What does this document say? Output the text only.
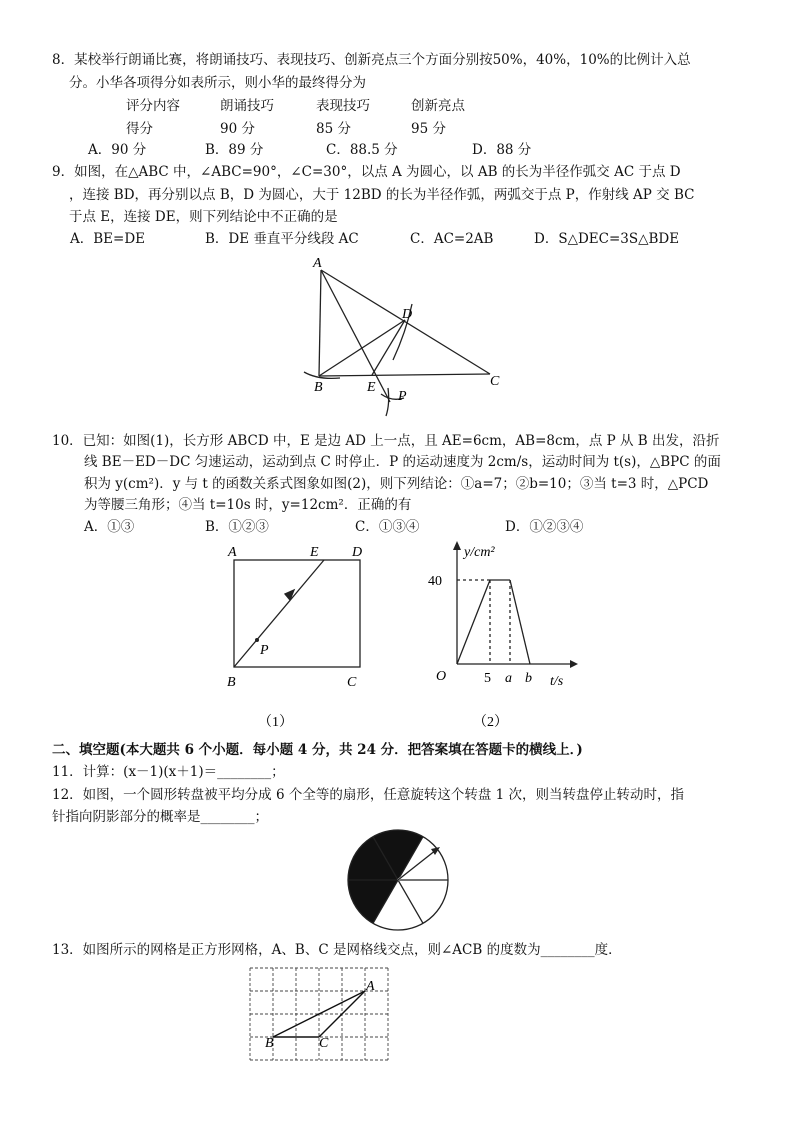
8．某校举行朗诵比赛，将朗诵技巧、表现技巧、创新亮点三个方面分别按50%，40%，10%的比例计入总
分。小华各项得分如表所示，则小华的最终得分为
评分内容	朗诵技巧	表现技巧	创新亮点
得分	90 分	85 分	95 分
A．90 分	B．89 分	C．88.5 分	D．88 分
9．如图，在△ABC 中，∠ABC=90°，∠C=30°，以点 A 为圆心，以 AB 的长为半径作弧交 AC 于点 D
，连接 BD，再分别以点 B，D 为圆心，大于 12BD 的长为半径作弧，两弧交于点 P，作射线 AP 交 BC
于点 E，连接 DE，则下列结论中不正确的是
A．BE=DE	B．DE 垂直平分线段 AC	C．AC=2AB	D．S△DEC=3S△BDE
A
D
B	E
P
C
10．已知：如图(1)，长方形 ABCD 中，E 是边 AD 上一点，且 AE=6cm，AB=8cm，点 P 从 B 出发，沿折
线 BE－ED－DC 匀速运动，运动到点 C 时停止．P 的运动速度为 2cm/s，运动时间为 t(s)，△BPC 的面
积为 y(cm²)．y 与 t 的函数关系式图象如图(2)，则下列结论：①a=7；②b=10；③当 t=3 时，△PCD
为等腰三角形；④当 t=10s 时，y=12cm²．正确的有
A．①③	B．①②③	C．①③④	D．①②③④
A	E D
P
B	C
（1）
y/cm²
40
O	5 a b t/s
（2）
二、填空题(本大题共 6 个小题．每小题 4 分，共 24 分．把答案填在答题卡的横线上．)
11．计算：(x－1)(x＋1)＝________；
12．如图，一个圆形转盘被平均分成 6 个全等的扇形，任意旋转这个转盘 1 次，则当转盘停止转动时，指
针指向阴影部分的概率是________；
13．如图所示的网格是正方形网格，A、B、C 是网格线交点，则∠ACB 的度数为________度．
A
B	C
